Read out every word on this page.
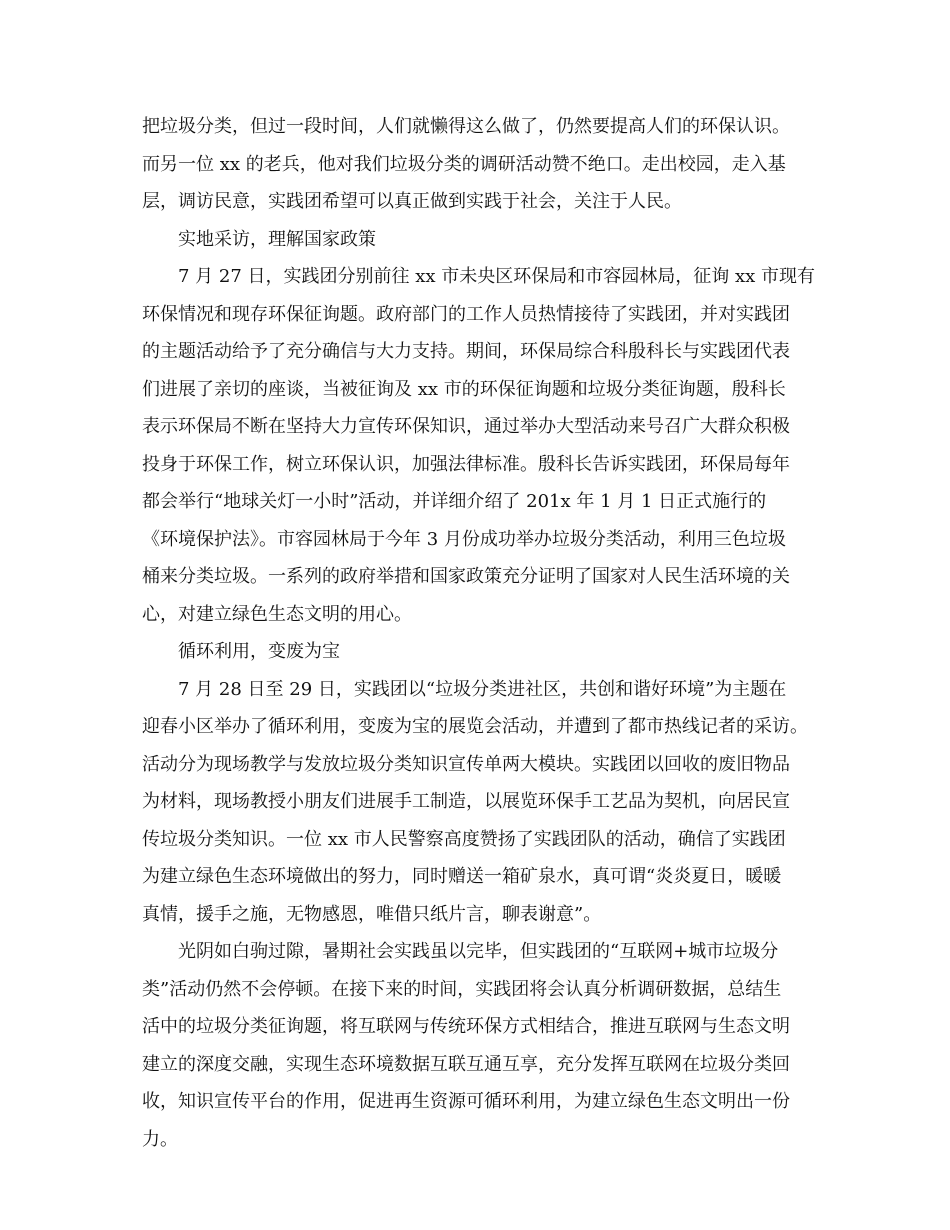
把垃圾分类，但过一段时间，人们就懒得这么做了，仍然要提高人们的环保认识。
而另一位 xx 的老兵，他对我们垃圾分类的调研活动赞不绝口。走出校园，走入基
层，调访民意，实践团希望可以真正做到实践于社会，关注于人民。
实地采访，理解国家政策
7 月 27 日，实践团分别前往 xx 市未央区环保局和市容园林局，征询 xx 市现有
环保情况和现存环保征询题。政府部门的工作人员热情接待了实践团，并对实践团
的主题活动给予了充分确信与大力支持。期间，环保局综合科殷科长与实践团代表
们进展了亲切的座谈，当被征询及 xx 市的环保征询题和垃圾分类征询题，殷科长
表示环保局不断在坚持大力宣传环保知识，通过举办大型活动来号召广大群众积极
投身于环保工作，树立环保认识，加强法律标准。殷科长告诉实践团，环保局每年
都会举行“地球关灯一小时”活动，并详细介绍了 201x 年 1 月 1 日正式施行的
《环境保护法》。市容园林局于今年 3 月份成功举办垃圾分类活动，利用三色垃圾
桶来分类垃圾。一系列的政府举措和国家政策充分证明了国家对人民生活环境的关
心，对建立绿色生态文明的用心。
循环利用，变废为宝
7 月 28 日至 29 日，实践团以“垃圾分类进社区，共创和谐好环境”为主题在
迎春小区举办了循环利用，变废为宝的展览会活动，并遭到了都市热线记者的采访。
活动分为现场教学与发放垃圾分类知识宣传单两大模块。实践团以回收的废旧物品
为材料，现场教授小朋友们进展手工制造，以展览环保手工艺品为契机，向居民宣
传垃圾分类知识。一位 xx 市人民警察高度赞扬了实践团队的活动，确信了实践团
为建立绿色生态环境做出的努力，同时赠送一箱矿泉水，真可谓“炎炎夏日，暖暖
真情，援手之施，无物感恩，唯借只纸片言，聊表谢意”。
光阴如白驹过隙，暑期社会实践虽以完毕，但实践团的“互联网+城市垃圾分
类”活动仍然不会停顿。在接下来的时间，实践团将会认真分析调研数据，总结生
活中的垃圾分类征询题，将互联网与传统环保方式相结合，推进互联网与生态文明
建立的深度交融，实现生态环境数据互联互通互享，充分发挥互联网在垃圾分类回
收，知识宣传平台的作用，促进再生资源可循环利用，为建立绿色生态文明出一份
力。
